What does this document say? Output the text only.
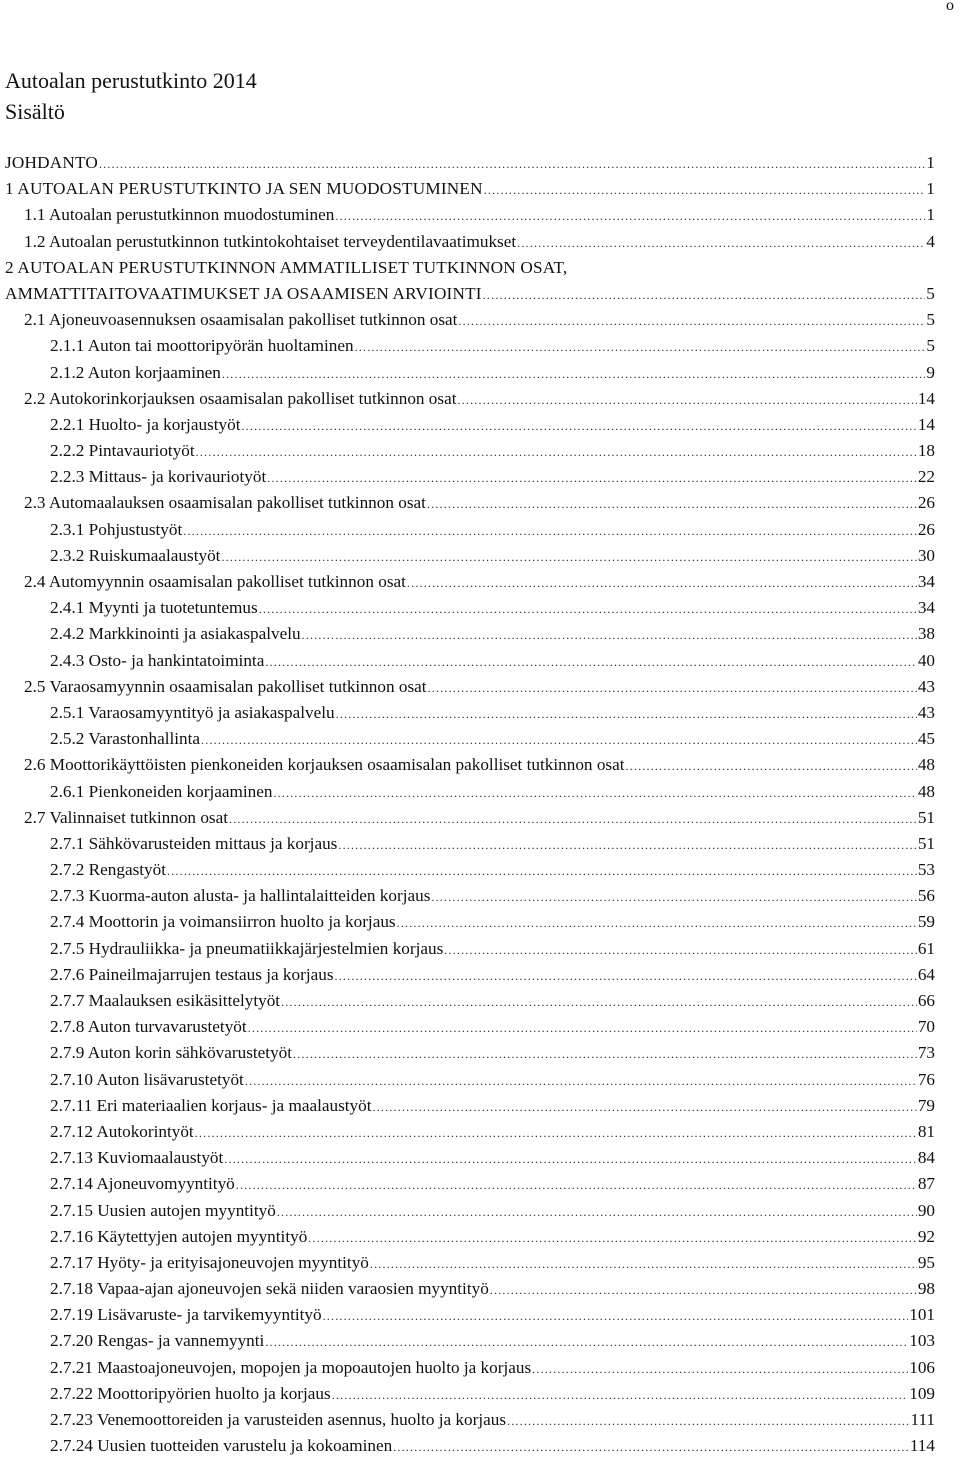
o
Autoalan perustutkinto 2014
Sisältö
JOHDANTO .....	1
1 AUTOALAN PERUSTUTKINTO JA SEN MUODOSTUMINEN .....	1
1.1 Autoalan perustutkinnon muodostuminen .....	1
1.2 Autoalan perustutkinnon tutkintokohtaiset terveydentilavaatimukset .....	4
2 AUTOALAN PERUSTUTKINNON AMMATILLISET TUTKINNON OSAT,
AMMATTITAITOVAATIMUKSET JA OSAAMISEN ARVIOINTI .....	5
2.1 Ajoneuvoasennuksen osaamisalan pakolliset tutkinnon osat .....	5
2.1.1 Auton tai moottoripyörän huoltaminen .....	5
2.1.2 Auton korjaaminen .....	9
2.2 Autokorinkorjauksen osaamisalan pakolliset tutkinnon osat .....	14
2.2.1 Huolto- ja korjaustyöt .....	14
2.2.2 Pintavauriotyöt .....	18
2.2.3 Mittaus- ja korivauriotyöt .....	22
2.3 Automaalauksen osaamisalan pakolliset tutkinnon osat .....	26
2.3.1 Pohjustustyöt .....	26
2.3.2 Ruiskumaalaustyöt .....	30
2.4 Automyynnin osaamisalan pakolliset tutkinnon osat .....	34
2.4.1 Myynti ja tuotetuntemus .....	34
2.4.2 Markkinointi ja asiakaspalvelu .....	38
2.4.3 Osto- ja hankintatoiminta .....	40
2.5 Varaosamyynnin osaamisalan pakolliset tutkinnon osat .....	43
2.5.1 Varaosamyyntityö ja asiakaspalvelu .....	43
2.5.2 Varastonhallinta .....	45
2.6 Moottorikäyttöisten pienkoneiden korjauksen osaamisalan pakolliset tutkinnon osat .....	48
2.6.1 Pienkoneiden korjaaminen .....	48
2.7 Valinnaiset tutkinnon osat .....	51
2.7.1 Sähkövarusteiden mittaus ja korjaus .....	51
2.7.2 Rengastyöt .....	53
2.7.3 Kuorma-auton alusta- ja hallintalaitteiden korjaus .....	56
2.7.4 Moottorin ja voimansiirron huolto ja korjaus .....	59
2.7.5 Hydrauliikka- ja pneumatiikkajärjestelmien korjaus .....	61
2.7.6 Paineilmajarrujen testaus ja korjaus .....	64
2.7.7 Maalauksen esikäsittelytyöt .....	66
2.7.8 Auton turvavarustetyöt .....	70
2.7.9 Auton korin sähkövarustetyöt .....	73
2.7.10 Auton lisävarustetyöt .....	76
2.7.11 Eri materiaalien korjaus- ja maalaustyöt .....	79
2.7.12 Autokorintyöt .....	81
2.7.13 Kuviomaalaustyöt .....	84
2.7.14 Ajoneuvomyyntityö .....	87
2.7.15 Uusien autojen myyntityö .....	90
2.7.16 Käytettyjen autojen myyntityö .....	92
2.7.17 Hyöty- ja erityisajoneuvojen myyntityö .....	95
2.7.18 Vapaa-ajan ajoneuvojen sekä niiden varaosien myyntityö .....	98
2.7.19 Lisävaruste- ja tarvikemyyntityö .....	101
2.7.20 Rengas- ja vannemyynti .....	103
2.7.21 Maastoajoneuvojen, mopojen ja mopoautojen huolto ja korjaus .....	106
2.7.22 Moottoripyörien huolto ja korjaus .....	109
2.7.23 Venemoottoreiden ja varusteiden asennus, huolto ja korjaus .....	111
2.7.24 Uusien tuotteiden varustelu ja kokoaminen .....	114
